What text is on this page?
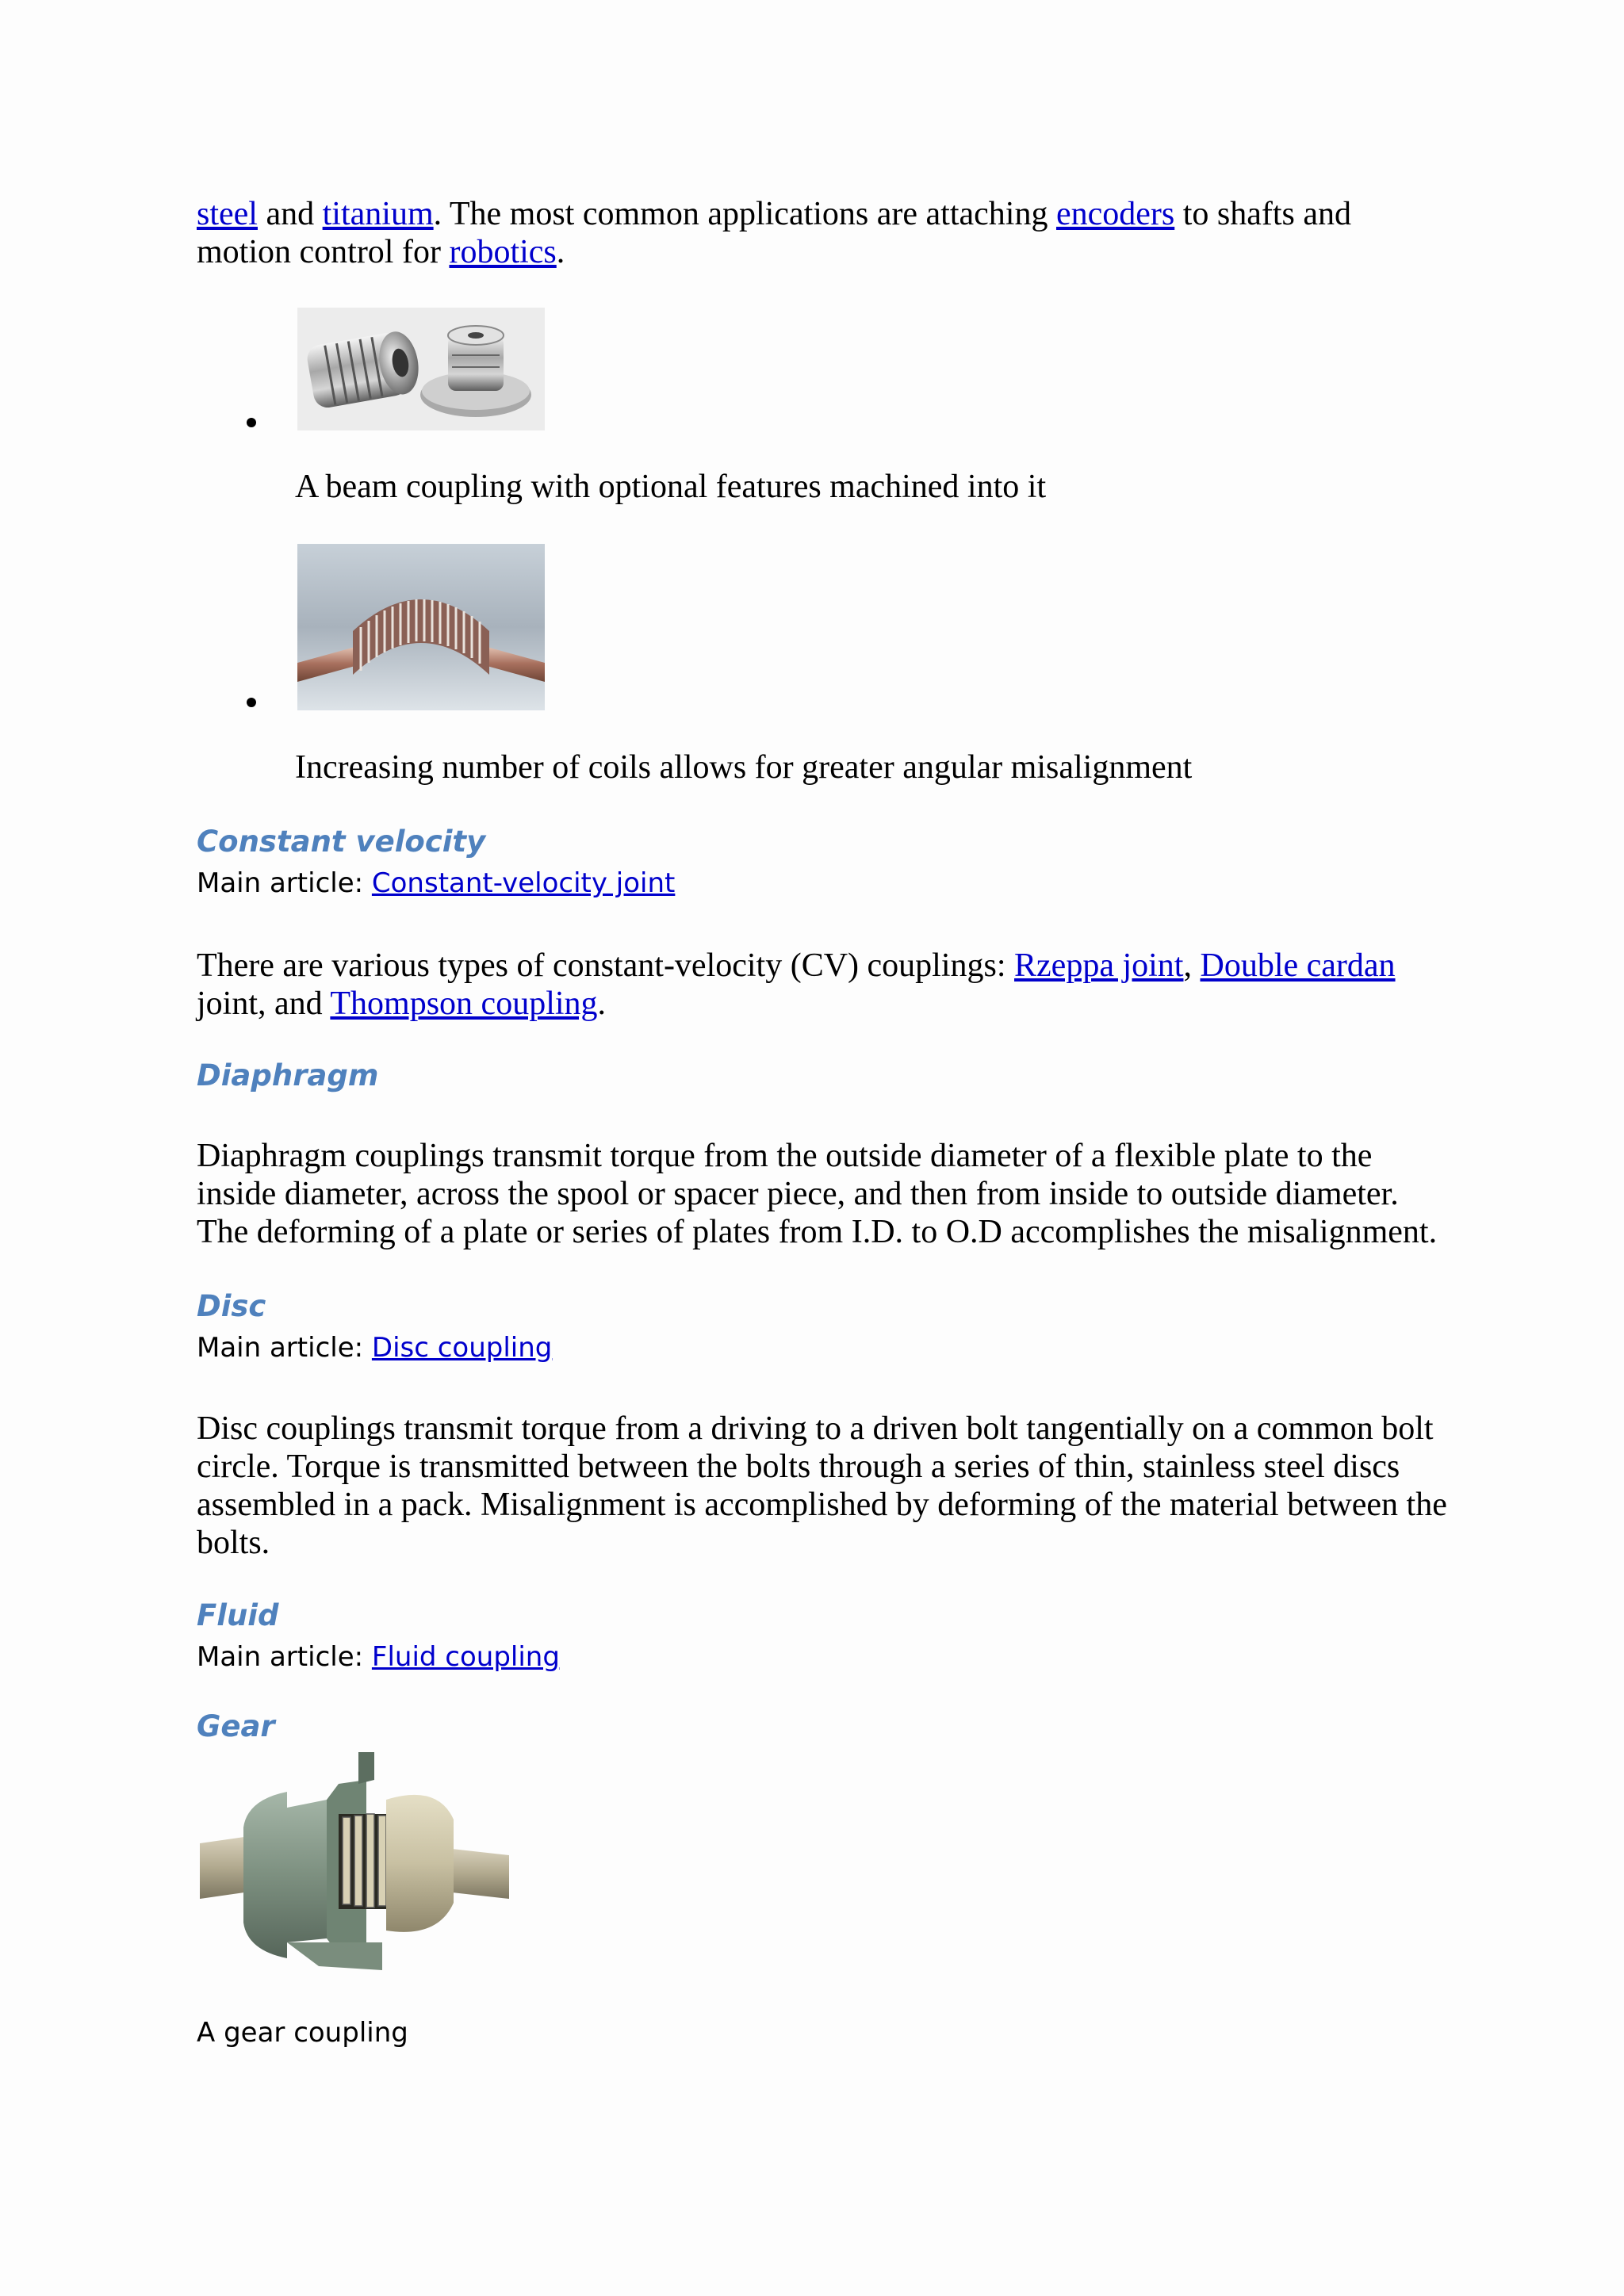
steel and titanium. The most common applications are attaching encoders to shafts and
motion control for robotics.
A beam coupling with optional features machined into it
Increasing number of coils allows for greater angular misalignment
Constant velocity
Main article: Constant-velocity joint
There are various types of constant-velocity (CV) couplings: Rzeppa joint, Double cardan
joint, and Thompson coupling.
Diaphragm
Diaphragm couplings transmit torque from the outside diameter of a flexible plate to the
inside diameter, across the spool or spacer piece, and then from inside to outside diameter.
The deforming of a plate or series of plates from I.D. to O.D accomplishes the misalignment.
Disc
Main article: Disc coupling
Disc couplings transmit torque from a driving to a driven bolt tangentially on a common bolt
circle. Torque is transmitted between the bolts through a series of thin, stainless steel discs
assembled in a pack. Misalignment is accomplished by deforming of the material between the
bolts.
Fluid
Main article: Fluid coupling
Gear
A gear coupling
